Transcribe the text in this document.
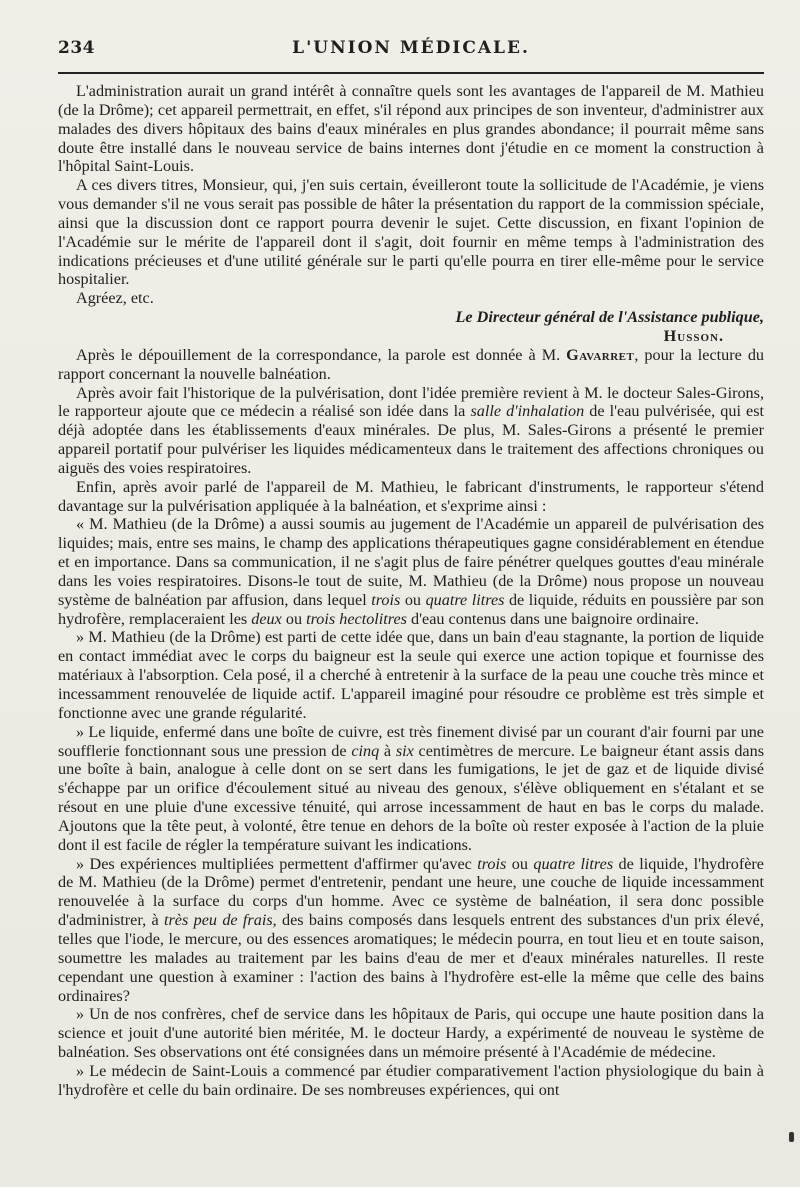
234	L'UNION MÉDICALE.

L'administration aurait un grand intérêt à connaître quels sont les avantages de l'appareil de M. Mathieu (de la Drôme); cet appareil permettrait, en effet, s'il répond aux principes de son inventeur, d'administrer aux malades des divers hôpitaux des bains d'eaux minérales en plus grandes abondance; il pourrait même sans doute être installé dans le nouveau service de bains internes dont j'étudie en ce moment la construction à l'hôpital Saint-Louis.

A ces divers titres, Monsieur, qui, j'en suis certain, éveilleront toute la sollicitude de l'Académie, je viens vous demander s'il ne vous serait pas possible de hâter la présentation du rapport de la commission spéciale, ainsi que la discussion dont ce rapport pourra devenir le sujet. Cette discussion, en fixant l'opinion de l'Académie sur le mérite de l'appareil dont il s'agit, doit fournir en même temps à l'administration des indications précieuses et d'une utilité générale sur le parti qu'elle pourra en tirer elle-même pour le service hospitalier.

Agréez, etc.

Le Directeur général de l'Assistance publique,
Husson.

Après le dépouillement de la correspondance, la parole est donnée à M. Gavarret, pour la lecture du rapport concernant la nouvelle balnéation.

Après avoir fait l'historique de la pulvérisation, dont l'idée première revient à M. le docteur Sales-Girons, le rapporteur ajoute que ce médecin a réalisé son idée dans la salle d'inhalation de l'eau pulvérisée, qui est déjà adoptée dans les établissements d'eaux minérales. De plus, M. Sales-Girons a présenté le premier appareil portatif pour pulvériser les liquides médicamenteux dans le traitement des affections chroniques ou aiguës des voies respiratoires.

Enfin, après avoir parlé de l'appareil de M. Mathieu, le fabricant d'instruments, le rapporteur s'étend davantage sur la pulvérisation appliquée à la balnéation, et s'exprime ainsi :

« M. Mathieu (de la Drôme) a aussi soumis au jugement de l'Académie un appareil de pulvérisation des liquides; mais, entre ses mains, le champ des applications thérapeutiques gagne considérablement en étendue et en importance. Dans sa communication, il ne s'agit plus de faire pénétrer quelques gouttes d'eau minérale dans les voies respiratoires. Disons-le tout de suite, M. Mathieu (de la Drôme) nous propose un nouveau système de balnéation par affusion, dans lequel trois ou quatre litres de liquide, réduits en poussière par son hydrofère, remplaceraient les deux ou trois hectolitres d'eau contenus dans une baignoire ordinaire.

» M. Mathieu (de la Drôme) est parti de cette idée que, dans un bain d'eau stagnante, la portion de liquide en contact immédiat avec le corps du baigneur est la seule qui exerce une action topique et fournisse des matériaux à l'absorption. Cela posé, il a cherché à entretenir à la surface de la peau une couche très mince et incessamment renouvelée de liquide actif. L'appareil imaginé pour résoudre ce problème est très simple et fonctionne avec une grande régularité.

» Le liquide, enfermé dans une boîte de cuivre, est très finement divisé par un courant d'air fourni par une soufflerie fonctionnant sous une pression de cinq à six centimètres de mercure. Le baigneur étant assis dans une boîte à bain, analogue à celle dont on se sert dans les fumigations, le jet de gaz et de liquide divisé s'échappe par un orifice d'écoulement situé au niveau des genoux, s'élève obliquement en s'étalant et se résout en une pluie d'une excessive ténuité, qui arrose incessamment de haut en bas le corps du malade. Ajoutons que la tête peut, à volonté, être tenue en dehors de la boîte où rester exposée à l'action de la pluie dont il est facile de régler la température suivant les indications.

» Des expériences multipliées permettent d'affirmer qu'avec trois ou quatre litres de liquide, l'hydrofère de M. Mathieu (de la Drôme) permet d'entretenir, pendant une heure, une couche de liquide incessamment renouvelée à la surface du corps d'un homme. Avec ce système de balnéation, il sera donc possible d'administrer, à très peu de frais, des bains composés dans lesquels entrent des substances d'un prix élevé, telles que l'iode, le mercure, ou des essences aromatiques; le médecin pourra, en tout lieu et en toute saison, soumettre les malades au traitement par les bains d'eau de mer et d'eaux minérales naturelles. Il reste cependant une question à examiner : l'action des bains à l'hydrofère est-elle la même que celle des bains ordinaires?

» Un de nos confrères, chef de service dans les hôpitaux de Paris, qui occupe une haute position dans la science et jouit d'une autorité bien méritée, M. le docteur Hardy, a expérimenté de nouveau le système de balnéation. Ses observations ont été consignées dans un mémoire présenté à l'Académie de médecine.

» Le médecin de Saint-Louis a commencé par étudier comparativement l'action physiologique du bain à l'hydrofère et celle du bain ordinaire. De ses nombreuses expériences, qui ont
